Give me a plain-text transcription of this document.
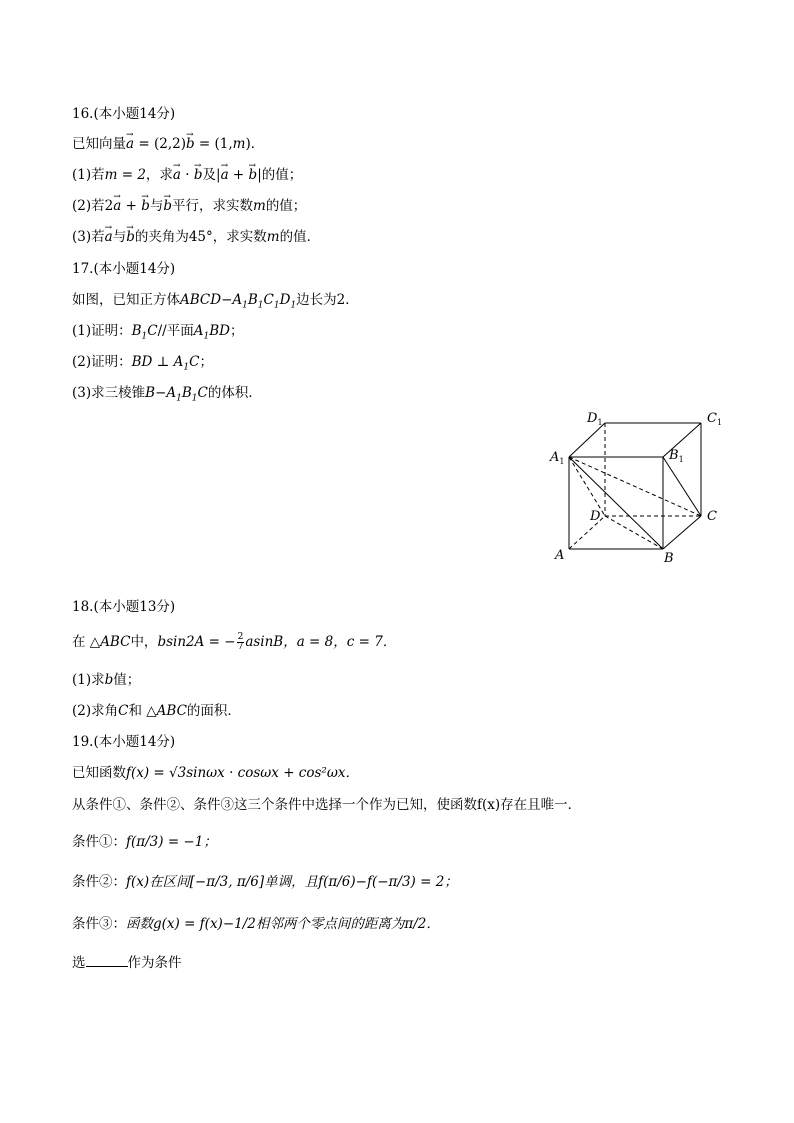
16.(本小题14分)
已知向量→ a = (2,2)→ b = (1,m)．
(1)若m = 2，求→ a · → b及|→ a + → b|的值；
(2)若2→ a + → b与→ b平行，求实数m的值；
(3)若→ a与→ b的夹角为45°，求实数m的值．
17.(本小题14分)
如图，已知正方体$ABCD-A_1B_1C_1D_1$边长为2．
(1)证明：$B_1C//$平面$A_1BD$；
(2)证明：BD ⊥ $A_1C$；
(3)求三棱锥$B-A_1B_1C$的体积．
$D_1$	$C_1$
$A_1$	$B_1$
D	C
A	B
18.(本小题13分)
在 △ABC中，bsin2A = − $\frac{2}{7}$ asinB，a = 8，c = 7．
(1)求b值；
(2)求角C和 △ABC的面积．
19.(本小题14分)
已知函数f(x) = √3sinωx · cosωx + cos²ωx．
从条件①、条件②、条件③这三个条件中选择一个作为已知，使函数f(x)存在且唯一．
条件①：f(π/3) = −1；
条件②：f(x)在区间[−π/3, π/6]单调，且f(π/6)−f(−π/3) = 2；
条件③：函数g(x) = f(x)−1/2相邻两个零点间的距离为π/2．
选	作为条件
